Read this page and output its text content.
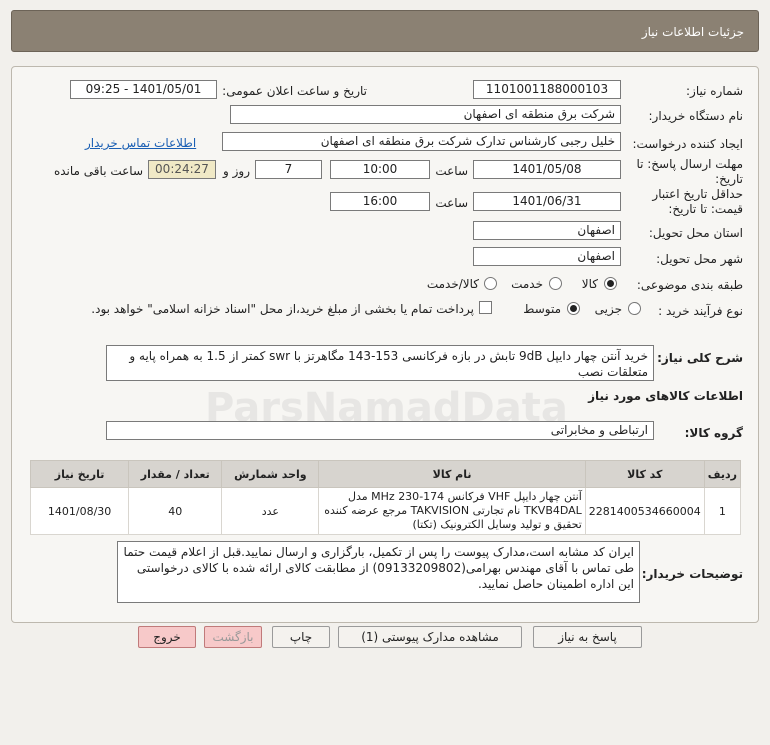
جزئیات اطلاعات نیاز
شماره نیاز:
1101001188000103
تاریخ و ساعت اعلان عمومی:
1401/05/01 - 09:25
نام دستگاه خریدار:
شرکت برق منطقه ای اصفهان
ایجاد کننده درخواست:
خلیل رجبی کارشناس تدارک شرکت برق منطقه ای اصفهان
اطلاعات تماس خریدار
مهلت ارسال پاسخ: تا
تاریخ:
1401/05/08
ساعت
10:00
7
روز و
00:24:27
ساعت باقی مانده
حداقل تاریخ اعتبار
قیمت: تا تاریخ:
1401/06/31
ساعت
16:00
استان محل تحویل:
اصفهان
شهر محل تحویل:
اصفهان
طبقه بندی موضوعی:
کالا
خدمت
کالا/خدمت
نوع فرآیند خرید :
جزیی
متوسط
پرداخت تمام یا بخشی از مبلغ خرید،از محل "اسناد خزانه اسلامی" خواهد بود.
شرح کلی نیاز:
خرید آنتن چهار دایپل 9dB تابش در بازه فرکانسی 153-143 مگاهرتز با swr کمتر از 1.5 به همراه پایه و متعلقات نصب
اطلاعات کالاهای مورد نیاز
گروه کالا:
ارتباطی و مخابراتی
ردیف	کد کالا	نام کالا	واحد شمارش	تعداد / مقدار	تاریخ نیاز
1	2281400534660004	آنتن چهار دایپل VHF فرکانس 174-230 MHz مدل TKVB4DAL نام تجارتی TAKVISION مرجع عرضه کننده تحقیق و تولید وسایل الکترونیک (تکتا)	عدد	40	1401/08/30
توضیحات خریدار:
ایران کد مشابه است،مدارک پیوست را پس از تکمیل، بارگزاری و ارسال نمایید.قبل از اعلام قیمت حتما طی تماس با آقای مهندس بهرامی(09133209802) از مطابقت کالای ارائه شده با کالای درخواستی این اداره اطمینان حاصل نمایید.
پاسخ به نیاز
مشاهده مدارک پیوستی (1)
چاپ
بازگشت
خروج
